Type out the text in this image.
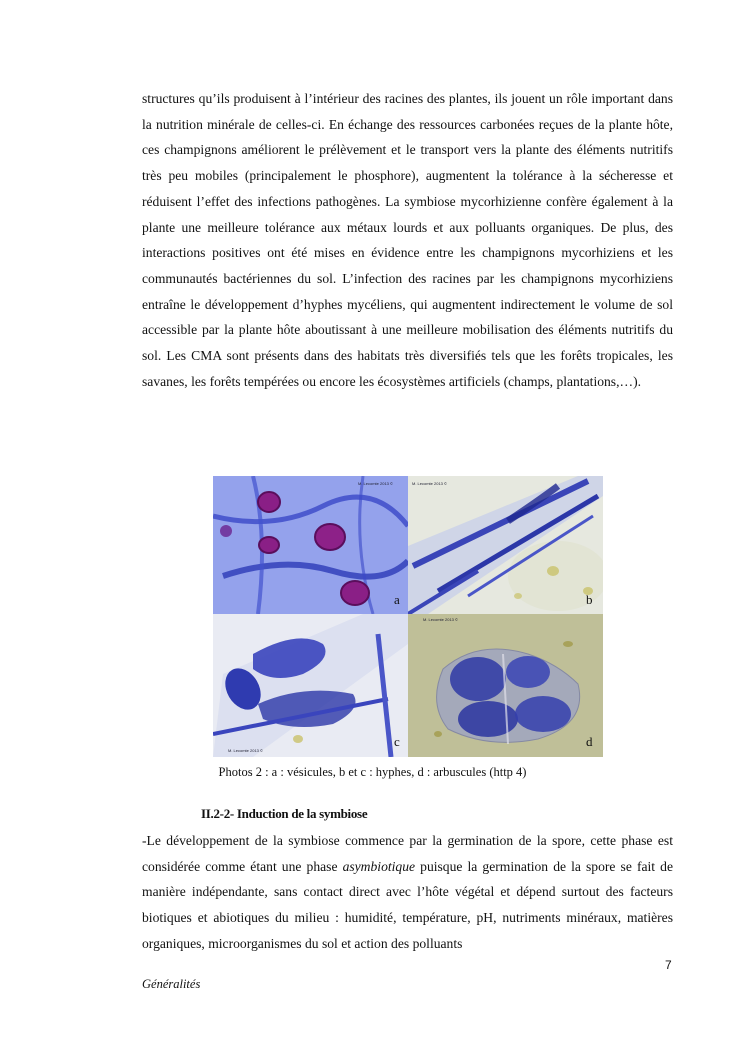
structures qu’ils produisent à l’intérieur des racines des plantes, ils jouent un rôle important dans la nutrition minérale de celles-ci. En échange des ressources carbonées reçues de la plante hôte, ces champignons améliorent le prélèvement et le transport vers la plante des éléments nutritifs très peu mobiles (principalement le phosphore), augmentent la tolérance à la sécheresse et réduisent l’effet des infections pathogènes. La symbiose mycorhizienne confère également à la plante une meilleure tolérance aux métaux lourds et aux polluants organiques. De plus, des interactions positives ont été mises en évidence entre les champignons mycorhiziens et les communautés bactériennes du sol. L’infection des racines par les champignons mycorhiziens entraîne le développement d’hyphes mycéliens, qui augmentent indirectement le volume de sol accessible par la plante hôte aboutissant à une meilleure mobilisation des éléments nutritifs du sol. Les CMA sont présents dans des habitats très diversifiés tels que les forêts tropicales, les savanes, les forêts tempérées ou encore les écosystèmes artificiels (champs, plantations,…).

M. Lecomte 2013 ©
a
M. Lecomte 2013 ©
b
M. Lecomte 2013 ©
c
M. Lecomte 2013 ©
d
Photos 2 : a : vésicules, b et c : hyphes, d : arbuscules (http 4)
II.2-2- Induction de la symbiose

-Le développement de la symbiose commence par la germination de la spore, cette phase est considérée comme étant une phase asymbiotique puisque la germination de la spore se fait de manière indépendante, sans contact direct avec l’hôte végétal et dépend surtout des facteurs biotiques et abiotiques du milieu : humidité, température, pH, nutriments minéraux, matières organiques, microorganismes du sol et action des polluants

7
Généralités
